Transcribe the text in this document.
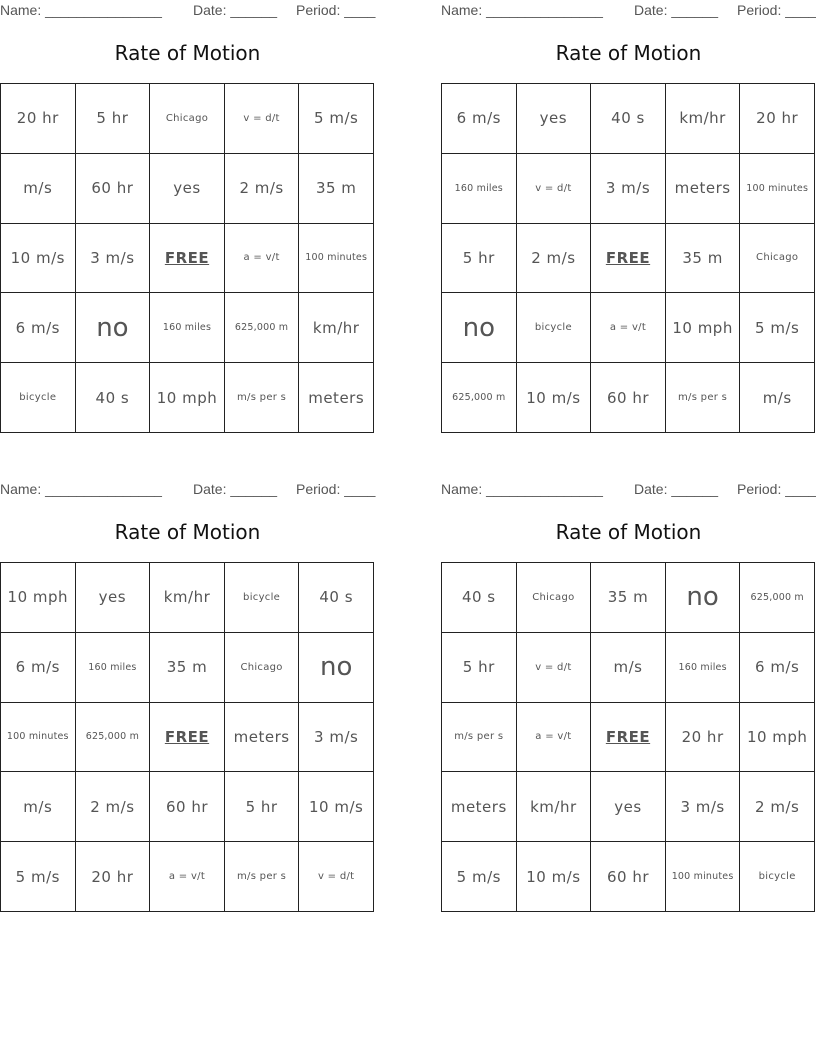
Name: _______________ Date: ______ Period: ____
Rate of Motion
20 hr	5 hr	Chicago	v = d/t	5 m/s
m/s	60 hr	yes	2 m/s	35 m
10 m/s	3 m/s	FREE	a = v/t	100 minutes
6 m/s	no	160 miles	625,000 m	km/hr
bicycle	40 s	10 mph	m/s per s	meters
Name: _______________ Date: ______ Period: ____
Rate of Motion
6 m/s	yes	40 s	km/hr	20 hr
160 miles	v = d/t	3 m/s	meters	100 minutes
5 hr	2 m/s	FREE	35 m	Chicago
no	bicycle	a = v/t	10 mph	5 m/s
625,000 m	10 m/s	60 hr	m/s per s	m/s
Name: _______________ Date: ______ Period: ____
Rate of Motion
10 mph	yes	km/hr	bicycle	40 s
6 m/s	160 miles	35 m	Chicago	no
100 minutes	625,000 m	FREE	meters	3 m/s
m/s	2 m/s	60 hr	5 hr	10 m/s
5 m/s	20 hr	a = v/t	m/s per s	v = d/t
Name: _______________ Date: ______ Period: ____
Rate of Motion
40 s	Chicago	35 m	no	625,000 m
5 hr	v = d/t	m/s	160 miles	6 m/s
m/s per s	a = v/t	FREE	20 hr	10 mph
meters	km/hr	yes	3 m/s	2 m/s
5 m/s	10 m/s	60 hr	100 minutes	bicycle
